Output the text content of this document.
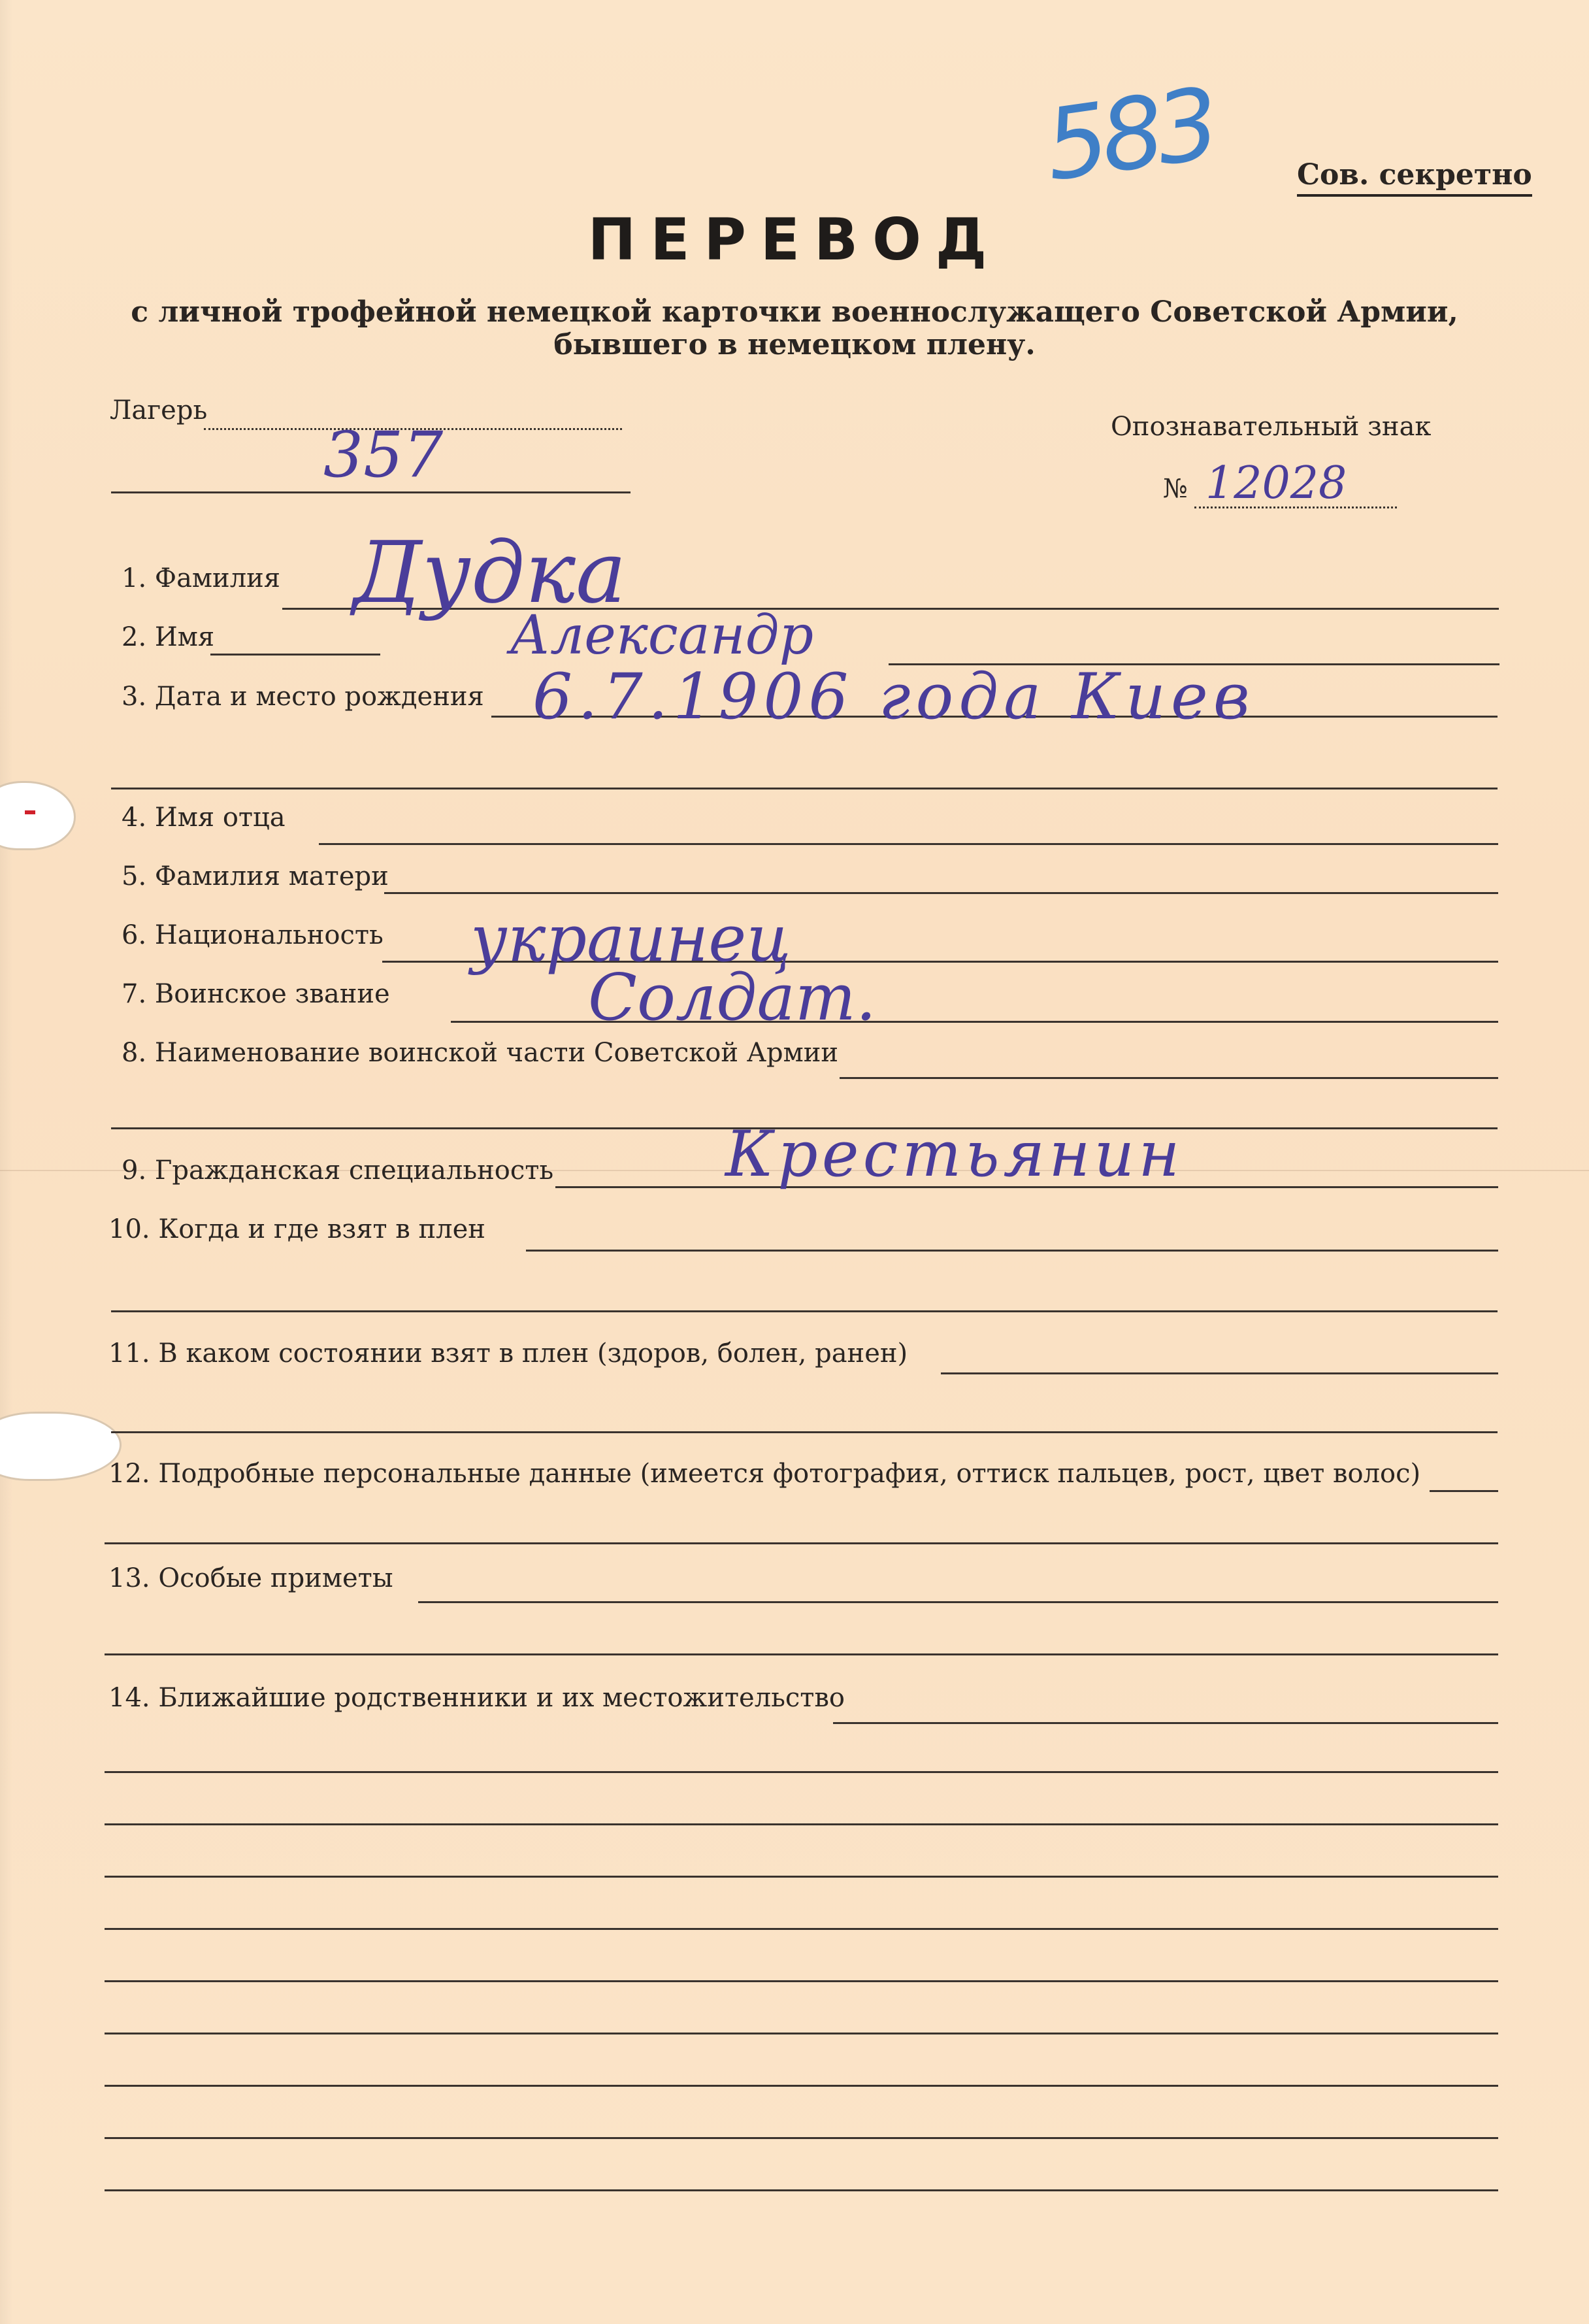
583	Сов. секретно
ПЕРЕВОД
с личной трофейной немецкой карточки военнослужащего Советской Армии,
бывшего в немецком плену.
Лагерь
357	Опознавательный знак
№ 12028
1. Фамилия Дудка
2. Имя	Александр
3. Дата и место рождения 6.7.1906 года Киев
4. Имя отца
5. Фамилия матери
6. Национальность украинец
7. Воинское звание	Солдат.
8. Наименование воинской части Советской Армии
9. Гражданская специальность	Крестьянин
10. Когда и где взят в плен
11. В каком состоянии взят в плен (здоров, болен, ранен)
12. Подробные персональные данные (имеется фотография, оттиск пальцев, рост, цвет волос)
13. Особые приметы
14. Ближайшие родственники и их местожительство
